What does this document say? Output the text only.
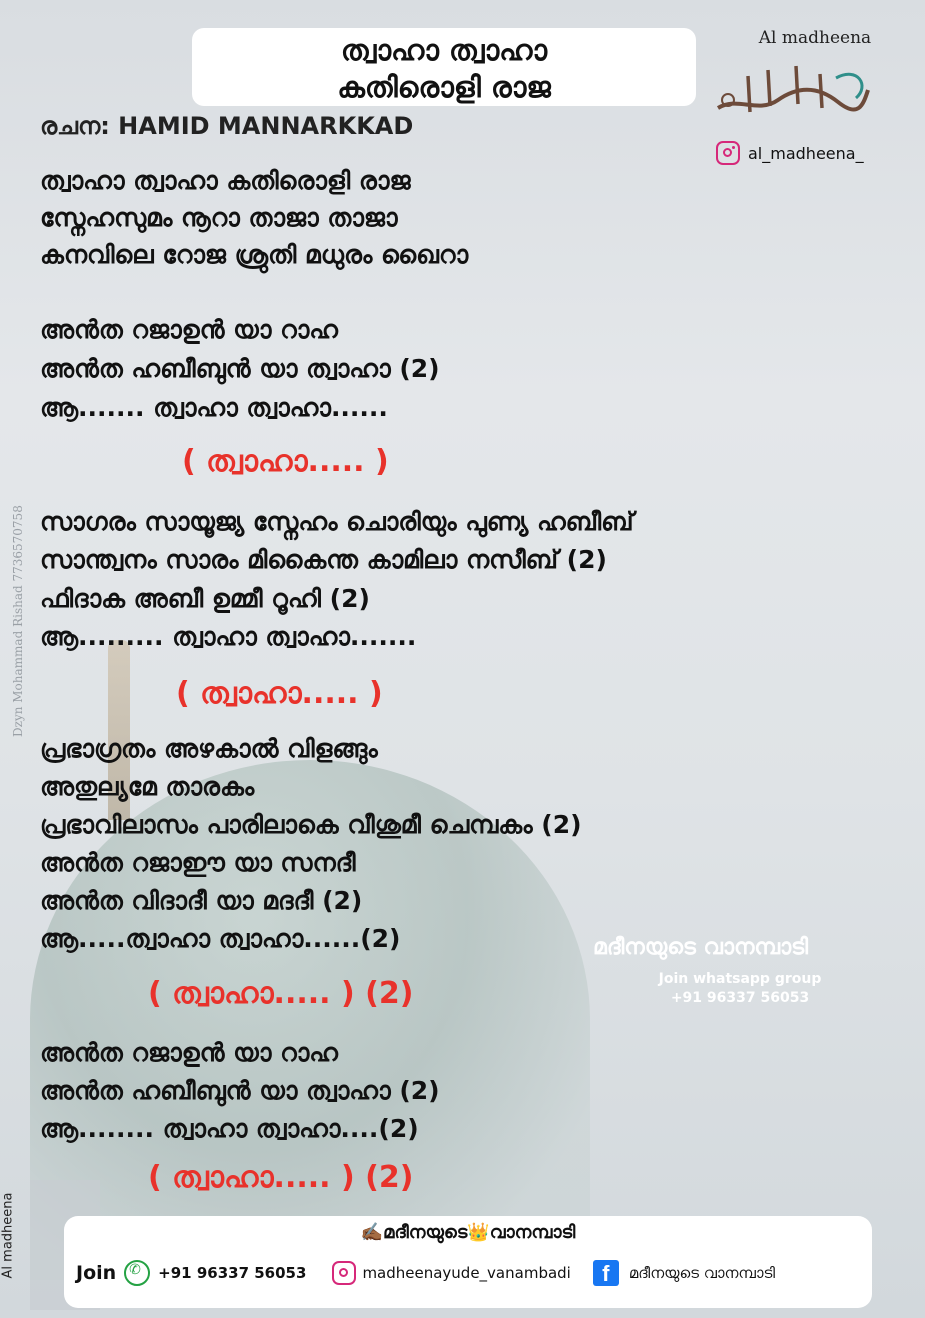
ത്വാഹാ ത്വാഹാ
കതിരൊളി രാജ
Al madheena
al_madheena_
രചന: HAMID MANNARKKAD
ത്വാഹാ ത്വാഹാ കതിരൊളി രാജ
സ്നേഹസുമം നൂറാ താജാ താജാ
കനവിലെ റോജ ശ്രുതി മധുരം ഖൈറാ
അൻത റജാഉൻ യാ റാഹ
അൻത ഹബീബുൻ യാ ത്വാഹാ (2)
ആ....... ത്വാഹാ ത്വാഹാ......
( ത്വാഹാ..... )
സാഗരം സായൂജ്യ സ്നേഹം ചൊരിയും പുണ്യ ഹബീബ്
സാന്ത്വനം സാരം മികൈന്ത കാമിലാ നസീബ് (2)
ഫിദാക അബീ ഉമ്മീ റൂഹി (2)
ആ......... ത്വാഹാ ത്വാഹാ.......
( ത്വാഹാ..... )
പ്രഭാഗ്രതം അഴകാൽ വിളങ്ങും
അതുല്യമേ താരകം
പ്രഭാവിലാസം പാരിലാകെ വീശുമീ ചെമ്പകം (2)
അൻത റജാഈ യാ സനദീ
അൻത വിദാദീ യാ മദദീ (2)
ആ.....ത്വാഹാ ത്വാഹാ......(2)
( ത്വാഹാ..... ) (2)
അൻത റജാഉൻ യാ റാഹ
അൻത ഹബീബുൻ യാ ത്വാഹാ (2)
ആ........ ത്വാഹാ ത്വാഹാ....(2)
( ത്വാഹാ..... ) (2)
Dzyn Mohammad Rishad 7736570758
Al madheena
മദീനയുടെ വാനമ്പാടി
Join whatsapp group
+91 96337 56053
✍🏾മദീനയുടെ👑വാനമ്പാടി
Join
✆	+91 96337 56053	madheenayude_vanambadi	f	മദീനയുടെ വാനമ്പാടി
